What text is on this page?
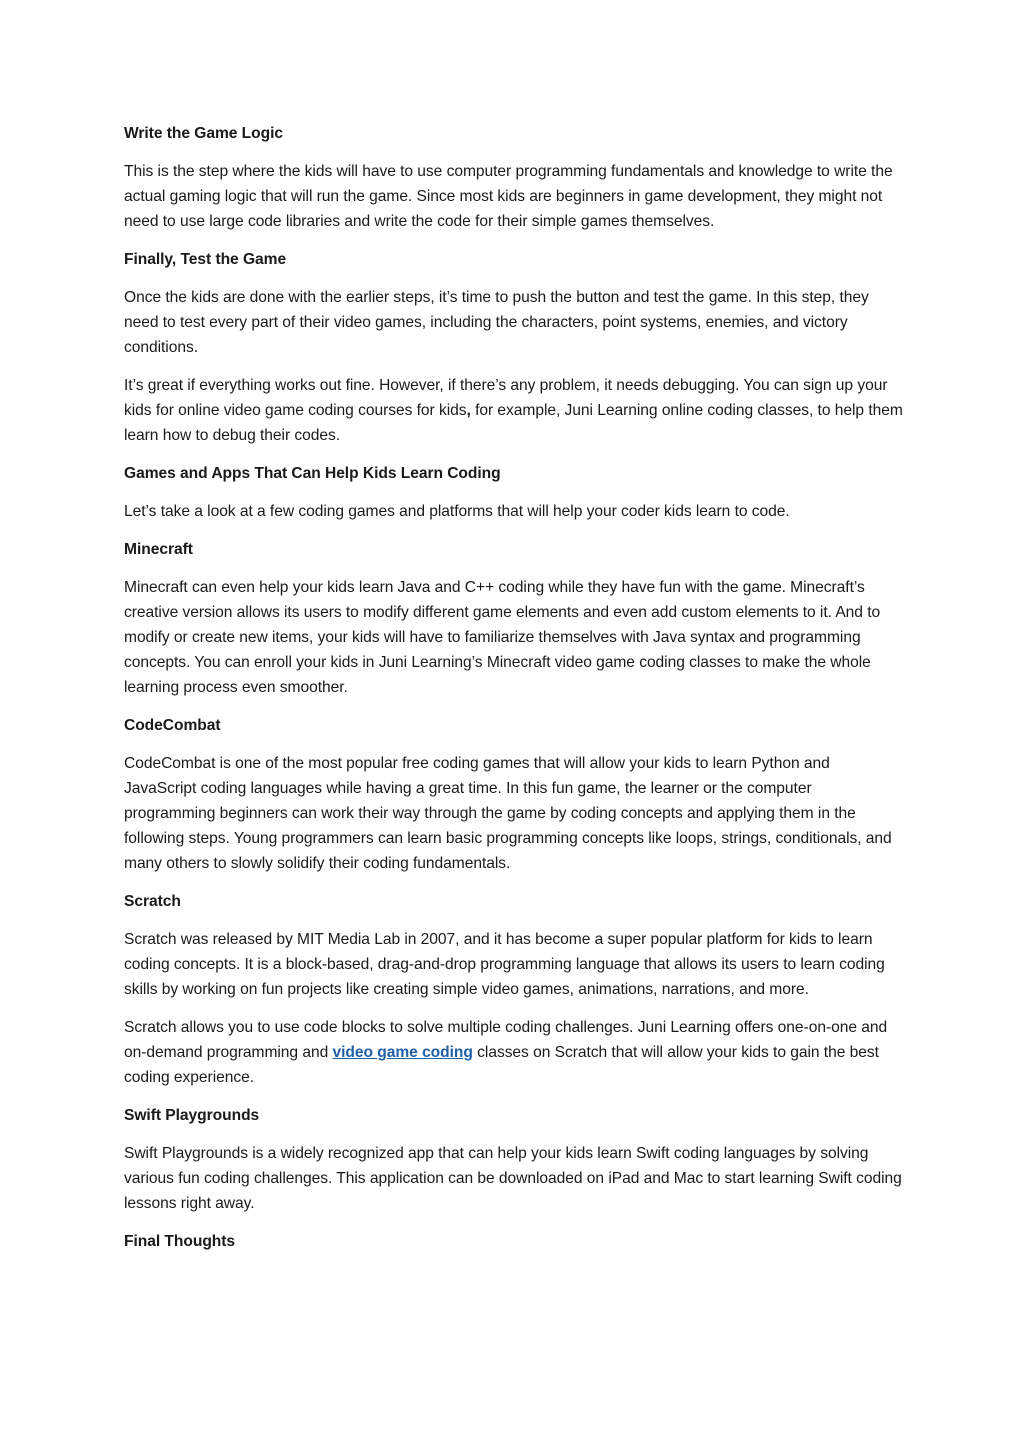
Write the Game Logic
This is the step where the kids will have to use computer programming fundamentals and knowledge to write the actual gaming logic that will run the game. Since most kids are beginners in game development, they might not need to use large code libraries and write the code for their simple games themselves.
Finally, Test the Game
Once the kids are done with the earlier steps, it’s time to push the button and test the game. In this step, they need to test every part of their video games, including the characters, point systems, enemies, and victory conditions.
It’s great if everything works out fine. However, if there’s any problem, it needs debugging. You can sign up your kids for online video game coding courses for kids, for example, Juni Learning online coding classes, to help them learn how to debug their codes.
Games and Apps That Can Help Kids Learn Coding
Let’s take a look at a few coding games and platforms that will help your coder kids learn to code.
Minecraft
Minecraft can even help your kids learn Java and C++ coding while they have fun with the game. Minecraft’s creative version allows its users to modify different game elements and even add custom elements to it. And to modify or create new items, your kids will have to familiarize themselves with Java syntax and programming concepts. You can enroll your kids in Juni Learning’s Minecraft video game coding classes to make the whole learning process even smoother.
CodeCombat
CodeCombat is one of the most popular free coding games that will allow your kids to learn Python and JavaScript coding languages while having a great time. In this fun game, the learner or the computer programming beginners can work their way through the game by coding concepts and applying them in the following steps. Young programmers can learn basic programming concepts like loops, strings, conditionals, and many others to slowly solidify their coding fundamentals.
Scratch
Scratch was released by MIT Media Lab in 2007, and it has become a super popular platform for kids to learn coding concepts. It is a block-based, drag-and-drop programming language that allows its users to learn coding skills by working on fun projects like creating simple video games, animations, narrations, and more.
Scratch allows you to use code blocks to solve multiple coding challenges. Juni Learning offers one-on-one and on-demand programming and video game coding classes on Scratch that will allow your kids to gain the best coding experience.
Swift Playgrounds
Swift Playgrounds is a widely recognized app that can help your kids learn Swift coding languages by solving various fun coding challenges. This application can be downloaded on iPad and Mac to start learning Swift coding lessons right away.
Final Thoughts
